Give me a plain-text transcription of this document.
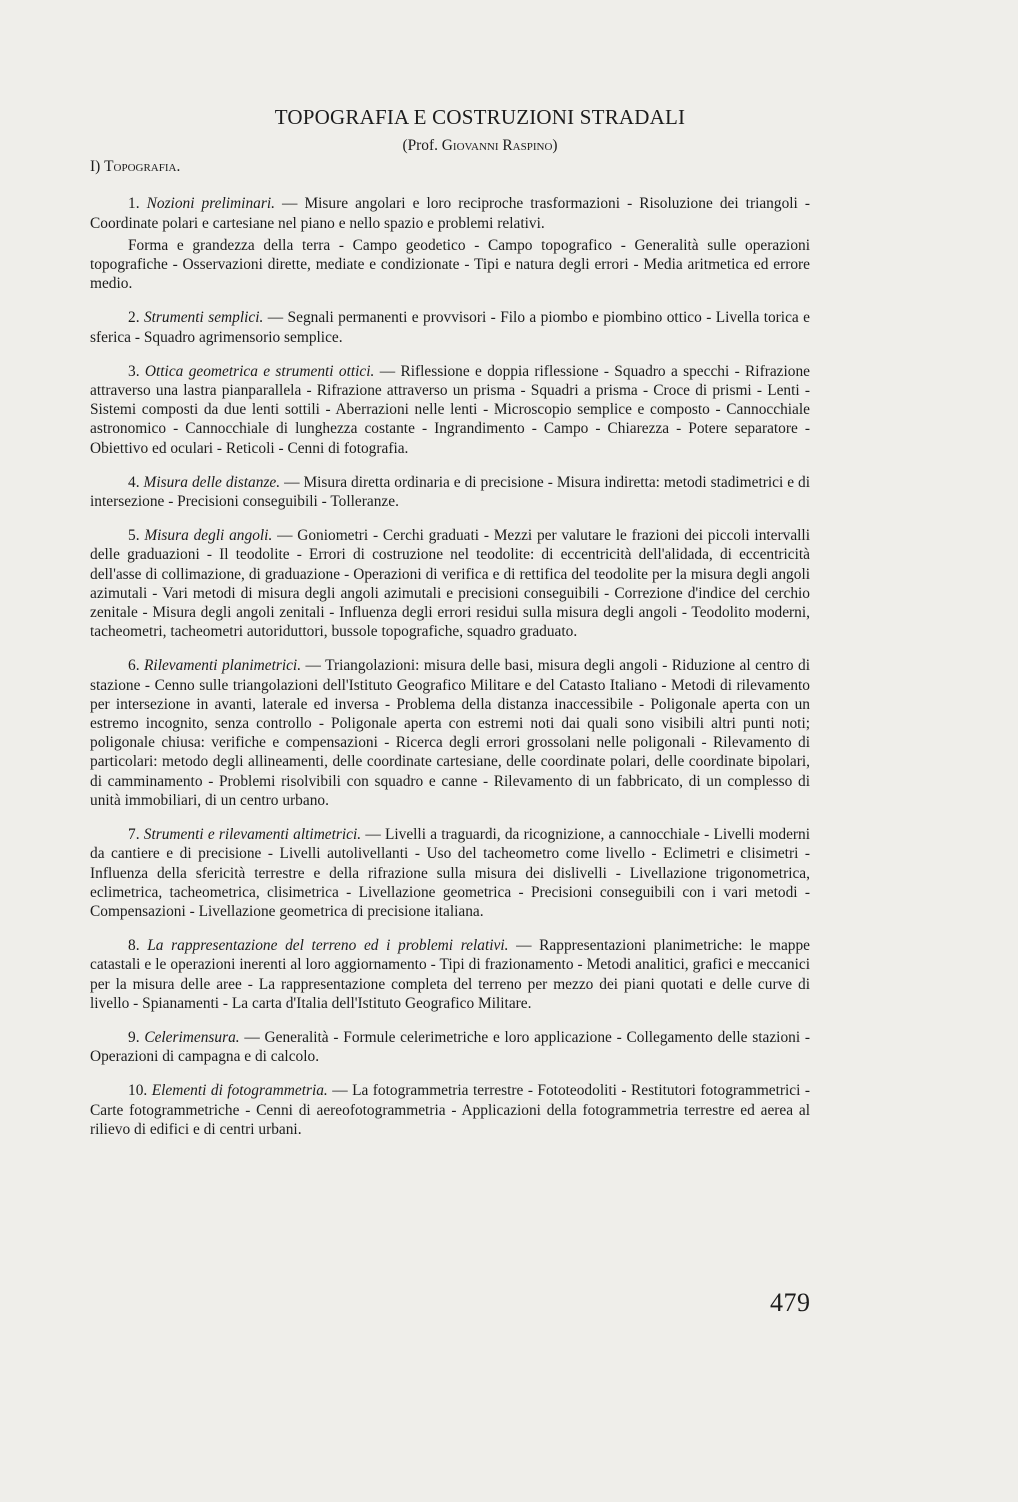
TOPOGRAFIA E COSTRUZIONI STRADALI
(Prof. Giovanni Raspino)
I) Topografia.

1. Nozioni preliminari. — Misure angolari e loro reciproche trasformazioni - Risoluzione dei triangoli - Coordinate polari e cartesiane nel piano e nello spazio e problemi relativi.

Forma e grandezza della terra - Campo geodetico - Campo topografico - Generalità sulle operazioni topografiche - Osservazioni dirette, mediate e condizionate - Tipi e natura degli errori - Media aritmetica ed errore medio.

2. Strumenti semplici. — Segnali permanenti e provvisori - Filo a piombo e piombino ottico - Livella torica e sferica - Squadro agrimensorio semplice.

3. Ottica geometrica e strumenti ottici. — Riflessione e doppia riflessione - Squadro a specchi - Rifrazione attraverso una lastra pianparallela - Rifrazione attraverso un prisma - Squadri a prisma - Croce di prismi - Lenti - Sistemi composti da due lenti sottili - Aberrazioni nelle lenti - Microscopio semplice e composto - Cannocchiale astronomico - Cannocchiale di lunghezza costante - Ingrandimento - Campo - Chiarezza - Potere separatore - Obiettivo ed oculari - Reticoli - Cenni di fotografia.

4. Misura delle distanze. — Misura diretta ordinaria e di precisione - Misura indiretta: metodi stadimetrici e di intersezione - Precisioni conseguibili - Tolleranze.

5. Misura degli angoli. — Goniometri - Cerchi graduati - Mezzi per valutare le frazioni dei piccoli intervalli delle graduazioni - Il teodolite - Errori di costruzione nel teodolite: di eccentricità dell'alidada, di eccentricità dell'asse di collimazione, di graduazione - Operazioni di verifica e di rettifica del teodolite per la misura degli angoli azimutali - Vari metodi di misura degli angoli azimutali e precisioni conseguibili - Correzione d'indice del cerchio zenitale - Misura degli angoli zenitali - Influenza degli errori residui sulla misura degli angoli - Teodolito moderni, tacheometri, tacheometri autoriduttori, bussole topografiche, squadro graduato.

6. Rilevamenti planimetrici. — Triangolazioni: misura delle basi, misura degli angoli - Riduzione al centro di stazione - Cenno sulle triangolazioni dell'Istituto Geografico Militare e del Catasto Italiano - Metodi di rilevamento per intersezione in avanti, laterale ed inversa - Problema della distanza inaccessibile - Poligonale aperta con un estremo incognito, senza controllo - Poligonale aperta con estremi noti dai quali sono visibili altri punti noti; poligonale chiusa: verifiche e compensazioni - Ricerca degli errori grossolani nelle poligonali - Rilevamento di particolari: metodo degli allineamenti, delle coordinate cartesiane, delle coordinate polari, delle coordinate bipolari, di camminamento - Problemi risolvibili con squadro e canne - Rilevamento di un fabbricato, di un complesso di unità immobiliari, di un centro urbano.

7. Strumenti e rilevamenti altimetrici. — Livelli a traguardi, da ricognizione, a cannocchiale - Livelli moderni da cantiere e di precisione - Livelli autolivellanti - Uso del tacheometro come livello - Eclimetri e clisimetri - Influenza della sfericità terrestre e della rifrazione sulla misura dei dislivelli - Livellazione trigonometrica, eclimetrica, tacheometrica, clisimetrica - Livellazione geometrica - Precisioni conseguibili con i vari metodi - Compensazioni - Livellazione geometrica di precisione italiana.

8. La rappresentazione del terreno ed i problemi relativi. — Rappresentazioni planimetriche: le mappe catastali e le operazioni inerenti al loro aggiornamento - Tipi di frazionamento - Metodi analitici, grafici e meccanici per la misura delle aree - La rappresentazione completa del terreno per mezzo dei piani quotati e delle curve di livello - Spianamenti - La carta d'Italia dell'Istituto Geografico Militare.

9. Celerimensura. — Generalità - Formule celerimetriche e loro applicazione - Collegamento delle stazioni - Operazioni di campagna e di calcolo.

10. Elementi di fotogrammetria. — La fotogrammetria terrestre - Fototeodoliti - Restitutori fotogrammetrici - Carte fotogrammetriche - Cenni di aereofotogrammetria - Applicazioni della fotogrammetria terrestre ed aerea al rilievo di edifici e di centri urbani.

479
